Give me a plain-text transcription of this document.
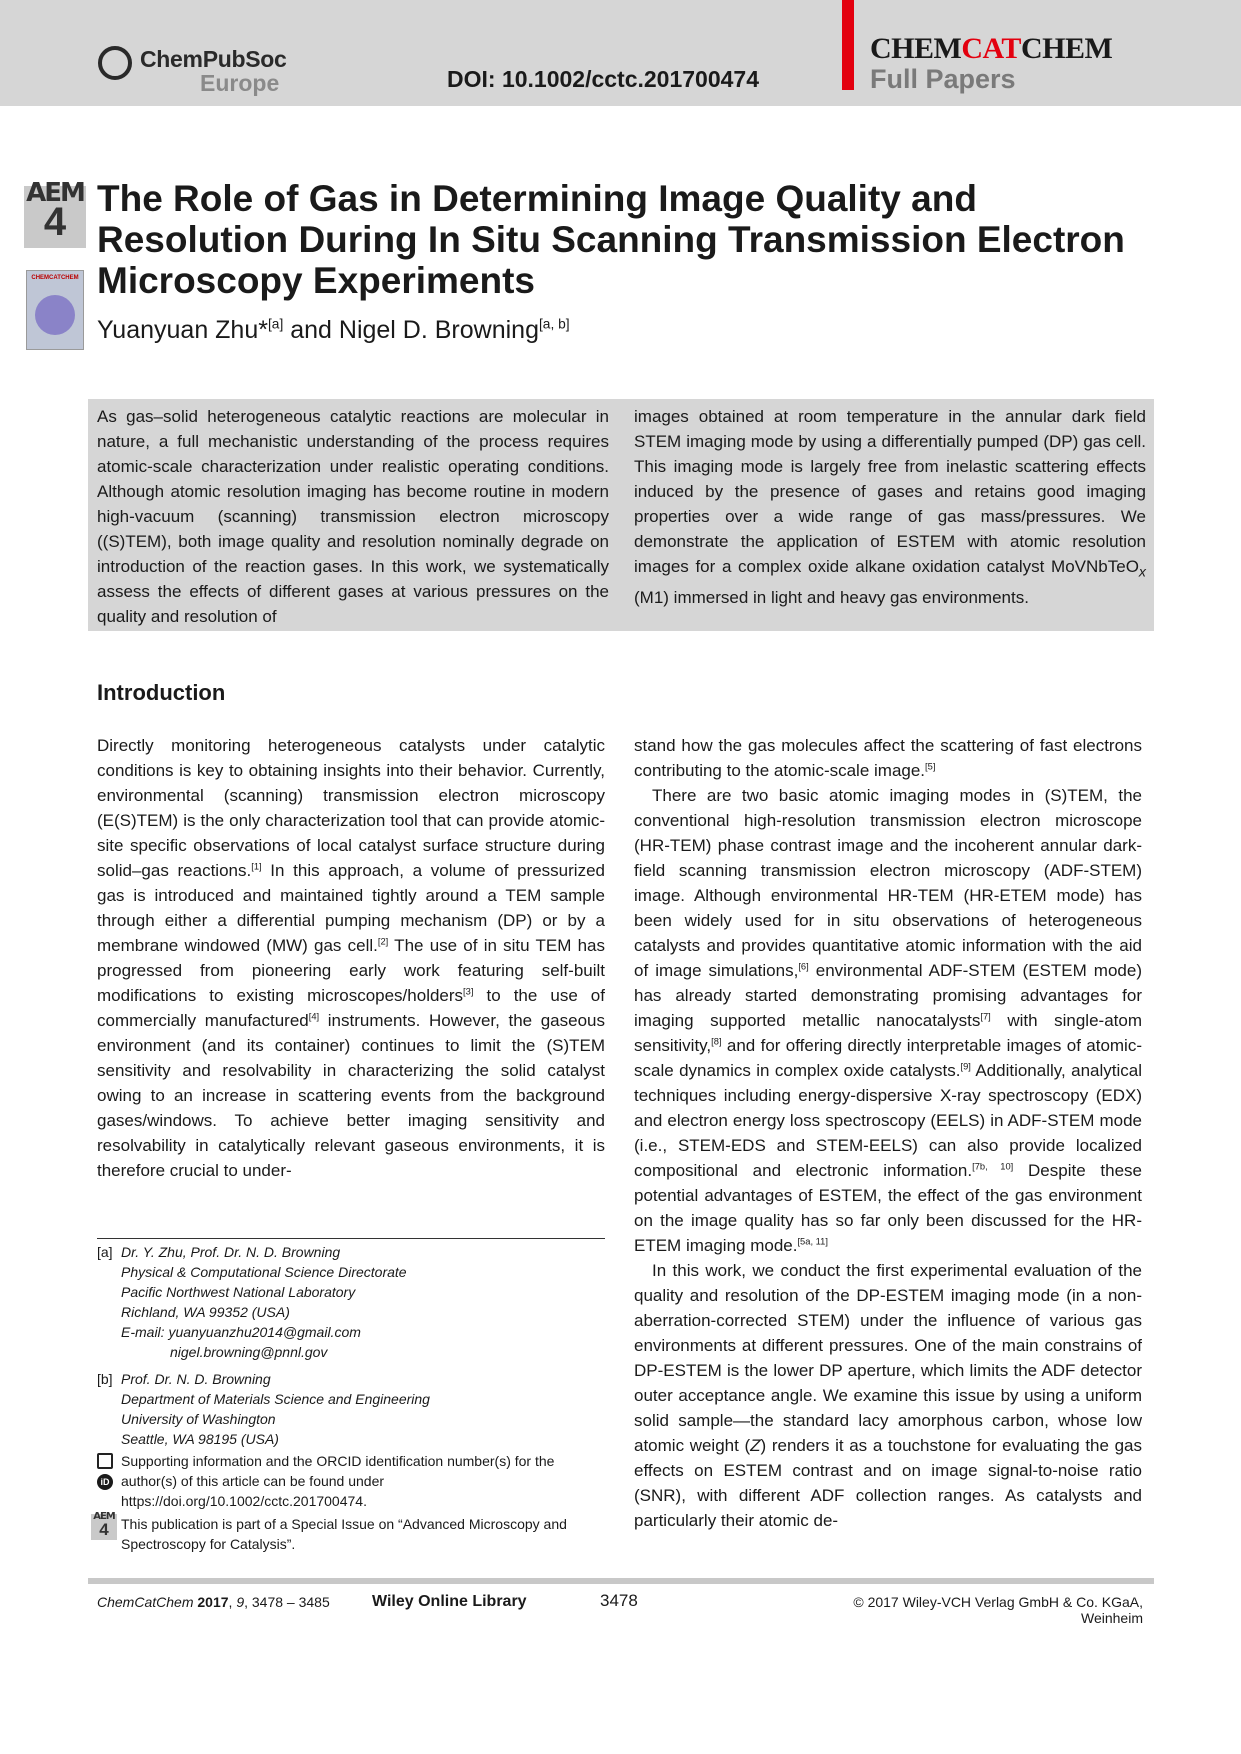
ChemPubSoc
Europe	DOI: 10.1002/cctc.201700474
CHEMCATCHEM
Full Papers
AEM
4
CHEMCATCHEM
The Role of Gas in Determining Image Quality and Resolution During In Situ Scanning Transmission Electron Microscopy Experiments
Yuanyuan Zhu*[a] and Nigel D. Browning[a, b]
As gas–solid heterogeneous catalytic reactions are molecular in nature, a full mechanistic understanding of the process requires atomic-scale characterization under realistic operating conditions. Although atomic resolution imaging has become routine in modern high-vacuum (scanning) transmission electron microscopy ((S)TEM), both image quality and resolution nominally degrade on introduction of the reaction gases. In this work, we systematically assess the effects of different gases at various pressures on the quality and resolution of
images obtained at room temperature in the annular dark field STEM imaging mode by using a differentially pumped (DP) gas cell. This imaging mode is largely free from inelastic scattering effects induced by the presence of gases and retains good imaging properties over a wide range of gas mass/pressures. We demonstrate the application of ESTEM with atomic resolution images for a complex oxide alkane oxidation catalyst MoVNbTeO$_x$ (M1) immersed in light and heavy gas environments.
Introduction

Directly monitoring heterogeneous catalysts under catalytic conditions is key to obtaining insights into their behavior. Currently, environmental (scanning) transmission electron microscopy (E(S)TEM) is the only characterization tool that can provide atomic-site specific observations of local catalyst surface structure during solid–gas reactions.[1] In this approach, a volume of pressurized gas is introduced and maintained tightly around a TEM sample through either a differential pumping mechanism (DP) or by a membrane windowed (MW) gas cell.[2] The use of in situ TEM has progressed from pioneering early work featuring self-built modifications to existing microscopes/holders[3] to the use of commercially manufactured[4] instruments. However, the gaseous environment (and its container) continues to limit the (S)TEM sensitivity and resolvability in characterizing the solid catalyst owing to an increase in scattering events from the background gases/windows. To achieve better imaging sensitivity and resolvability in catalytically relevant gaseous environments, it is therefore crucial to under-

stand how the gas molecules affect the scattering of fast electrons contributing to the atomic-scale image.[5]

There are two basic atomic imaging modes in (S)TEM, the conventional high-resolution transmission electron microscope (HR-TEM) phase contrast image and the incoherent annular dark-field scanning transmission electron microscopy (ADF-STEM) image. Although environmental HR-TEM (HR-ETEM mode) has been widely used for in situ observations of heterogeneous catalysts and provides quantitative atomic information with the aid of image simulations,[6] environmental ADF-STEM (ESTEM mode) has already started demonstrating promising advantages for imaging supported metallic nanocatalysts[7] with single-atom sensitivity,[8] and for offering directly interpretable images of atomic-scale dynamics in complex oxide catalysts.[9] Additionally, analytical techniques including energy-dispersive X-ray spectroscopy (EDX) and electron energy loss spectroscopy (EELS) in ADF-STEM mode (i.e., STEM-EDS and STEM-EELS) can also provide localized compositional and electronic information.[7b, 10] Despite these potential advantages of ESTEM, the effect of the gas environment on the image quality has so far only been discussed for the HR-ETEM imaging mode.[5a, 11]

In this work, we conduct the first experimental evaluation of the quality and resolution of the DP-ESTEM imaging mode (in a non-aberration-corrected STEM) under the influence of various gas environments at different pressures. One of the main constrains of DP-ESTEM is the lower DP aperture, which limits the ADF detector outer acceptance angle. We examine this issue by using a uniform solid sample—the standard lacy amorphous carbon, whose low atomic weight (Z) renders it as a touchstone for evaluating the gas effects on ESTEM contrast and on image signal-to-noise ratio (SNR), with different ADF collection ranges. As catalysts and particularly their atomic de-

[a] Dr. Y. Zhu, Prof. Dr. N. D. Browning
Physical & Computational Science Directorate
Pacific Northwest National Laboratory
Richland, WA 99352 (USA)
E-mail: yuanyuanzhu2014@gmail.com
nigel.browning@pnnl.gov
[b] Prof. Dr. N. D. Browning
Department of Materials Science and Engineering
University of Washington
Seattle, WA 98195 (USA)
iD
Supporting information and the ORCID identification number(s) for the author(s) of this article can be found under https://doi.org/10.1002/cctc.201700474.
AEM
4 This publication is part of a Special Issue on “Advanced Microscopy and Spectroscopy for Catalysis”.
ChemCatChem 2017, 9, 3478 – 3485	Wiley Online Library	3478	© 2017 Wiley-VCH Verlag GmbH & Co. KGaA, Weinheim
